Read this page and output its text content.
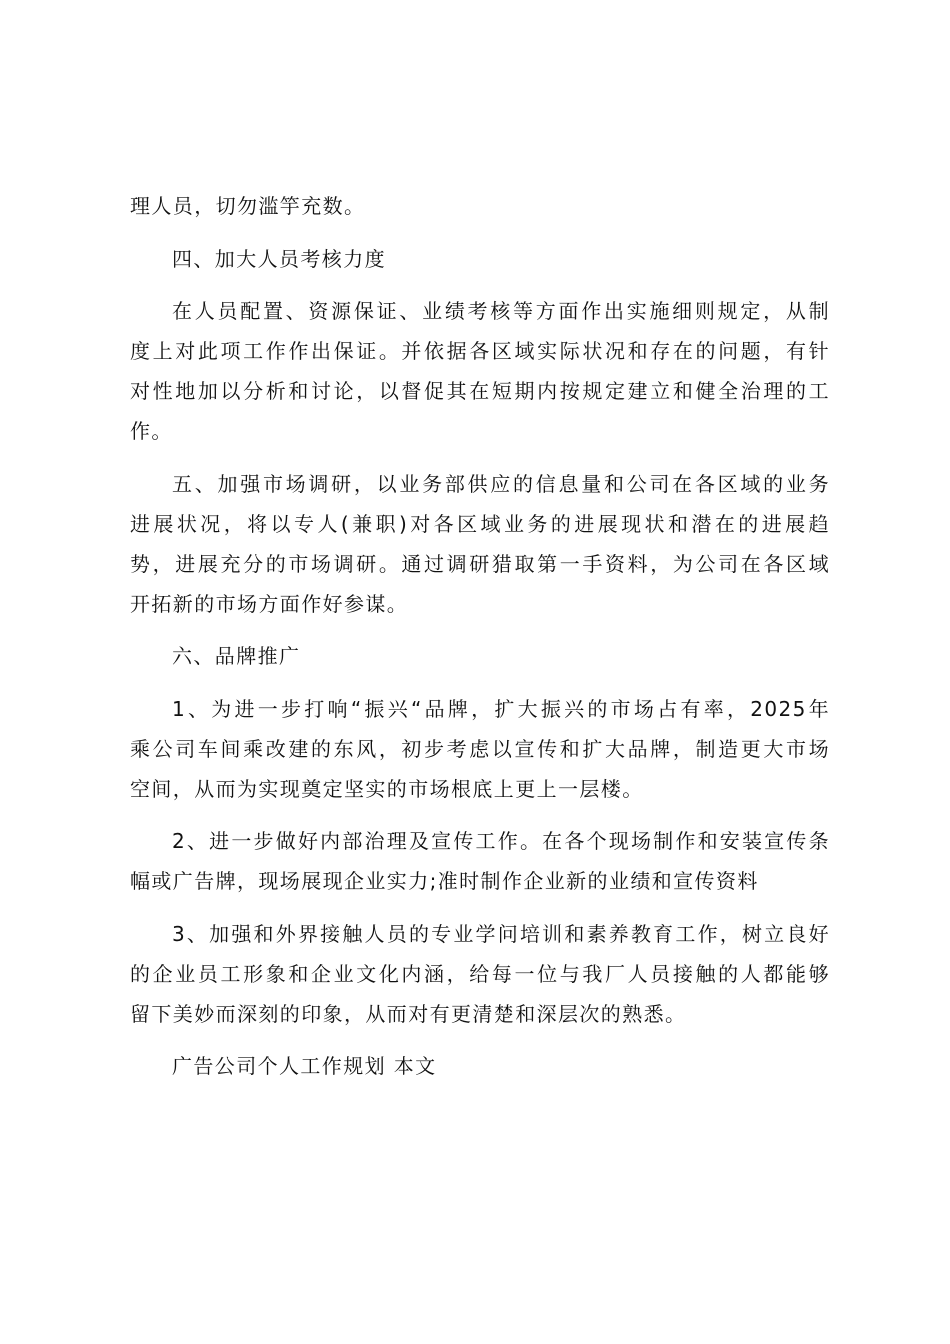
理人员，切勿滥竽充数。
四、加大人员考核力度
在人员配置、资源保证、业绩考核等方面作出实施细则规定，从制
度上对此项工作作出保证。并依据各区域实际状况和存在的问题，有针
对性地加以分析和讨论，以督促其在短期内按规定建立和健全治理的工
作。
五、加强市场调研，以业务部供应的信息量和公司在各区域的业务
进展状况，将以专人(兼职)对各区域业务的进展现状和潜在的进展趋
势，进展充分的市场调研。通过调研猎取第一手资料，为公司在各区域
开拓新的市场方面作好参谋。
六、品牌推广
1、为进一步打响“振兴“品牌，扩大振兴的市场占有率，2025年
乘公司车间乘改建的东风，初步考虑以宣传和扩大品牌，制造更大市场
空间，从而为实现奠定坚实的市场根底上更上一层楼。
2、进一步做好内部治理及宣传工作。在各个现场制作和安装宣传条
幅或广告牌，现场展现企业实力;准时制作企业新的业绩和宣传资料
3、加强和外界接触人员的专业学问培训和素养教育工作，树立良好
的企业员工形象和企业文化内涵，给每一位与我厂人员接触的人都能够
留下美妙而深刻的印象，从而对有更清楚和深层次的熟悉。
广告公司个人工作规划 本文
